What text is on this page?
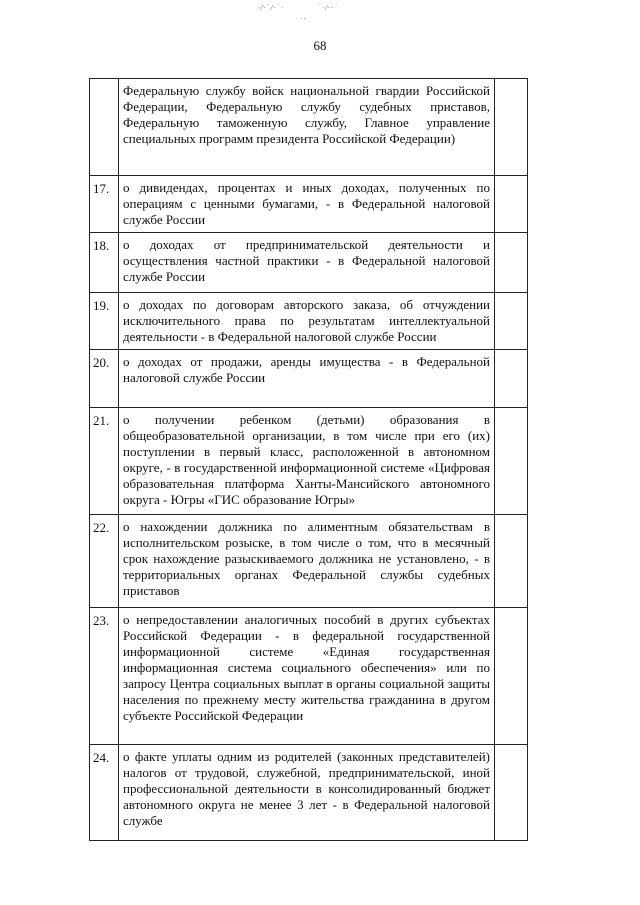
·⁄‧˙⁄·˙‧	˙·⁄‧·˙
‧·
68

	Федеральную службу войск национальной гвардии Российской Федерации, Федеральную службу судебных приставов, Федеральную таможенную службу, Главное управление специальных программ президента Российской Федерации)	

17.	о дивидендах, процентах и иных доходах, полученных по операциям с ценными бумагами, - в Федеральной налоговой службе России	

18.	о доходах от предпринимательской деятельности и осуществления частной практики - в Федеральной налоговой службе России	

19.	о доходах по договорам авторского заказа, об отчуждении исключительного права по результатам интеллектуальной деятельности - в Федеральной налоговой службе России	

20.	о доходах от продажи, аренды имущества - в Федеральной налоговой службе России	

21.	о получении ребенком (детьми) образования в общеобразовательной организации, в том числе при его (их) поступлении в первый класс, расположенной в автономном округе, - в государственной информационной системе «Цифровая образовательная платформа Ханты-Мансийского автономного округа - Югры «ГИС образование Югры»	

22.	о нахождении должника по алиментным обязательствам в исполнительском розыске, в том числе о том, что в месячный срок нахождение разыскиваемого должника не установлено, - в территориальных органах Федеральной службы судебных приставов	

23.	о непредоставлении аналогичных пособий в других субъектах Российской Федерации - в федеральной государственной информационной системе «Единая государственная информационная система социального обеспечения» или по запросу Центра социальных выплат в органы социальной защиты населения по прежнему месту жительства гражданина в другом субъекте Российской Федерации	

24.	о факте уплаты одним из родителей (законных представителей) налогов от трудовой, служебной, предпринимательской, иной профессиональной деятельности в консолидированный бюджет автономного округа не менее 3 лет - в Федеральной налоговой службе	
